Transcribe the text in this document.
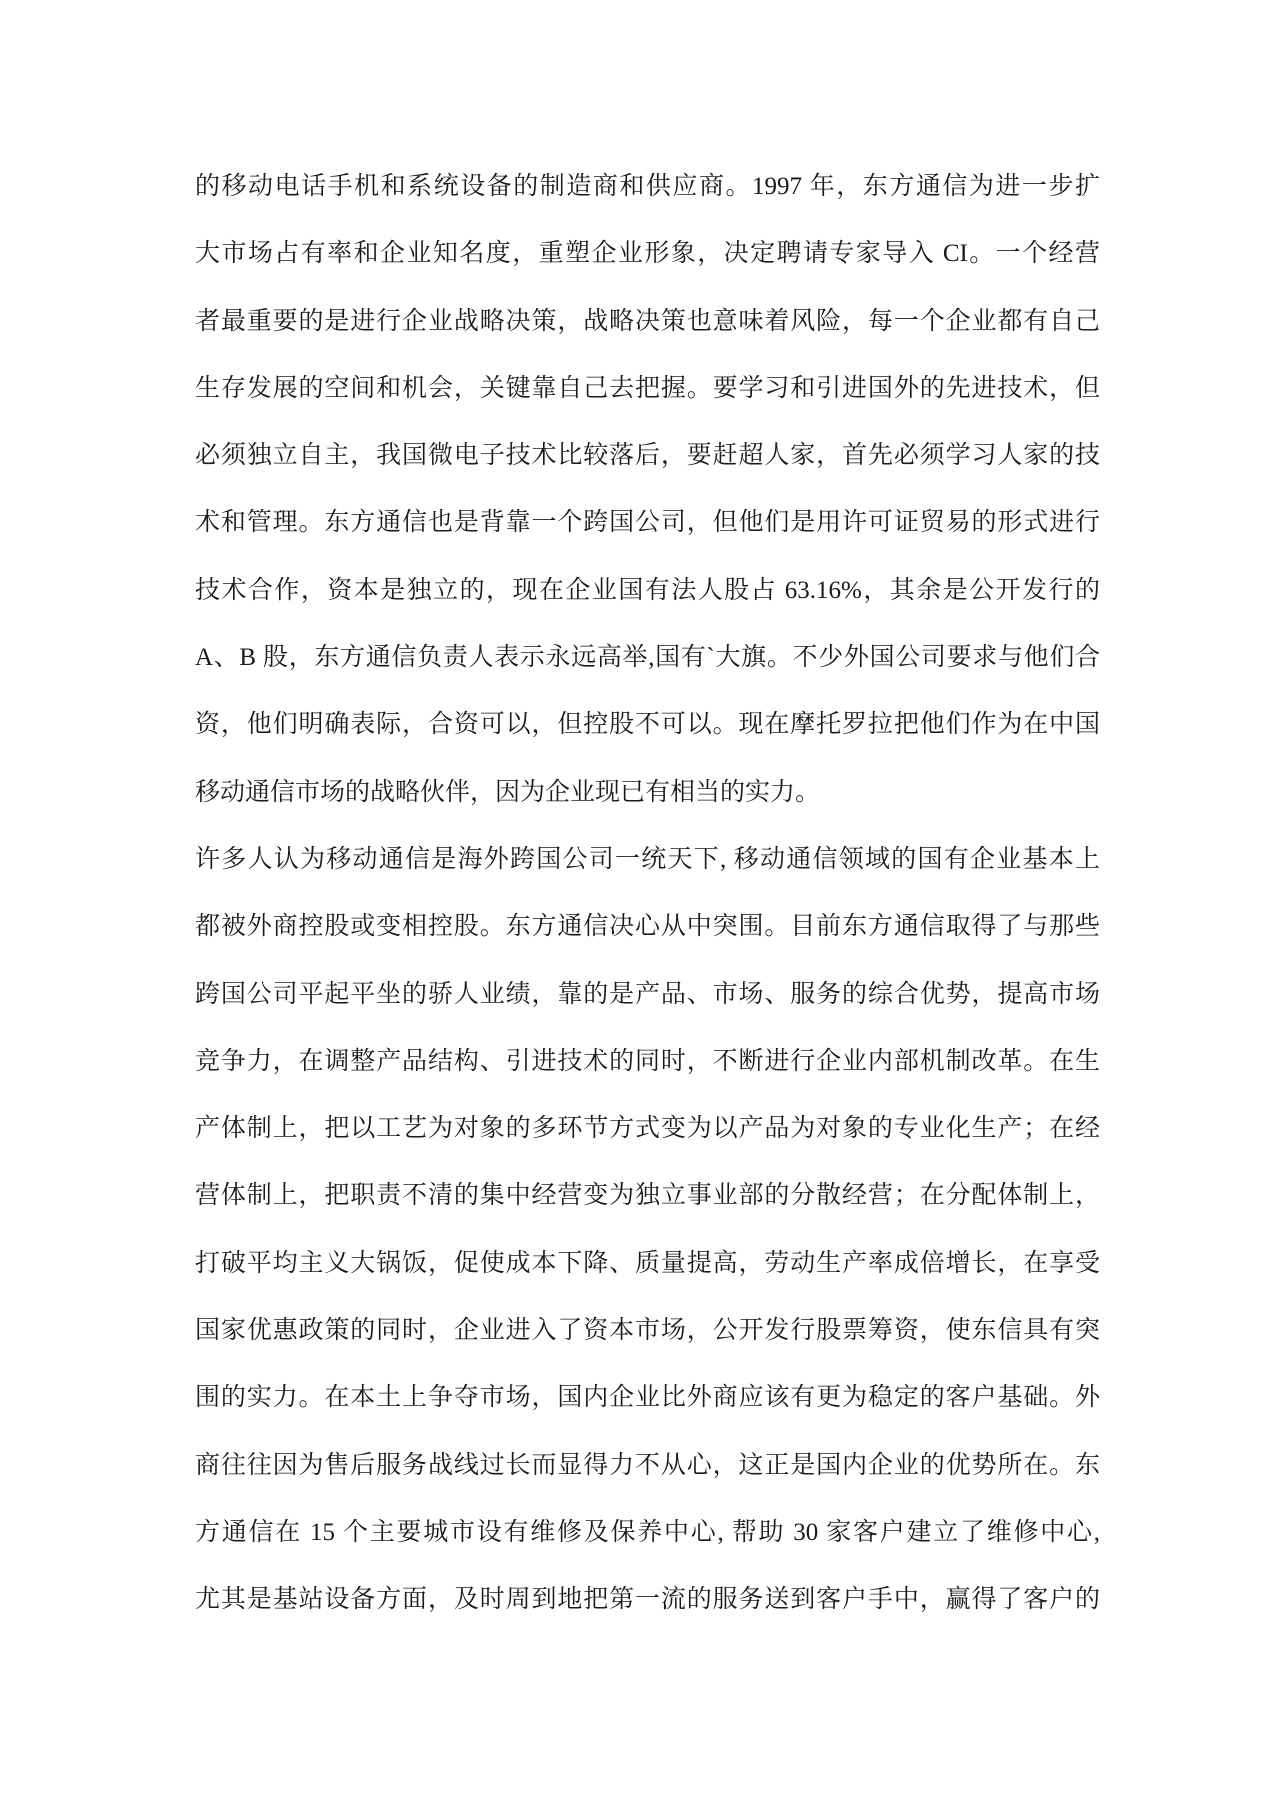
的移动电话手机和系统设备的制造商和供应商。1997 年，东方通信为进一步扩
大市场占有率和企业知名度，重塑企业形象，决定聘请专家导入 CI。一个经营
者最重要的是进行企业战略决策，战略决策也意味着风险，每一个企业都有自己
生存发展的空间和机会，关键靠自己去把握。要学习和引进国外的先进技术，但
必须独立自主，我国微电子技术比较落后，要赶超人家，首先必须学习人家的技
术和管理。东方通信也是背靠一个跨国公司，但他们是用许可证贸易的形式进行
技术合作，资本是独立的，现在企业国有法人股占 63.16%，其余是公开发行的
A、B 股，东方通信负责人表示永远高举,国有`大旗。不少外国公司要求与他们合
资，他们明确表际，合资可以，但控股不可以。现在摩托罗拉把他们作为在中国
移动通信市场的战略伙伴，因为企业现已有相当的实力。
许多人认为移动通信是海外跨国公司一统天下, 移动通信领域的国有企业基本上
都被外商控股或变相控股。东方通信决心从中突围。目前东方通信取得了与那些
跨国公司平起平坐的骄人业绩，靠的是产品、市场、服务的综合优势，提高市场
竞争力，在调整产品结构、引进技术的同时，不断进行企业内部机制改革。在生
产体制上，把以工艺为对象的多环节方式变为以产品为对象的专业化生产；在经
营体制上，把职责不清的集中经营变为独立事业部的分散经营；在分配体制上，
打破平均主义大锅饭，促使成本下降、质量提高，劳动生产率成倍增长，在享受
国家优惠政策的同时，企业进入了资本市场，公开发行股票筹资，使东信具有突
围的实力。在本土上争夺市场，国内企业比外商应该有更为稳定的客户基础。外
商往往因为售后服务战线过长而显得力不从心，这正是国内企业的优势所在。东
方通信在 15 个主要城市设有维修及保养中心, 帮助 30 家客户建立了维修中心,
尤其是基站设备方面，及时周到地把第一流的服务送到客户手中，赢得了客户的
